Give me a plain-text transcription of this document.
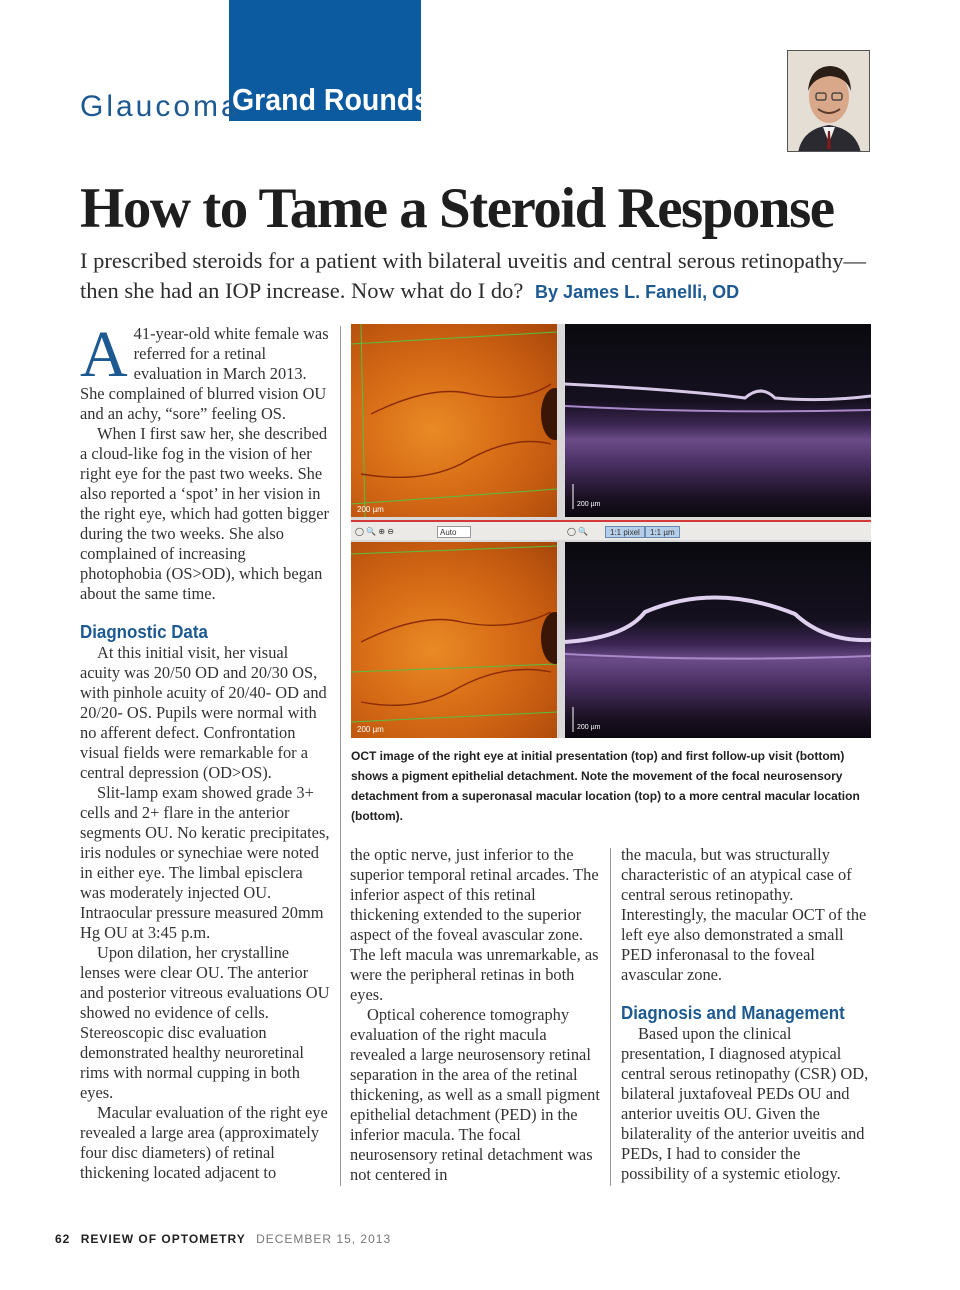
Glaucoma
Grand Rounds
How to Tame a Steroid Response
I prescribed steroids for a patient with bilateral uveitis and central serous retinopathy—then she had an IOP increase. Now what do I do? By James L. Fanelli, OD

A 41-year-old white female was referred for a retinal evaluation in March 2013. She complained of blurred vision OU and an achy, “sore” feeling OS.

When I first saw her, she described a cloud-like fog in the vision of her right eye for the past two weeks. She also reported a ‘spot’ in her vision in the right eye, which had gotten bigger during the two weeks. She also complained of increasing photophobia (OS>OD), which began about the same time.

Diagnostic Data

At this initial visit, her visual acuity was 20/50 OD and 20/30 OS, with pinhole acuity of 20/40- OD and 20/20- OS. Pupils were normal with no afferent defect. Confrontation visual fields were remarkable for a central depression (OD>OS).

Slit-lamp exam showed grade 3+ cells and 2+ flare in the anterior segments OU. No keratic precipitates, iris nodules or synechiae were noted in either eye. The limbal episclera was moderately injected OU. Intraocular pressure measured 20mm Hg OU at 3:45 p.m.

Upon dilation, her crystalline lenses were clear OU. The anterior and posterior vitreous evaluations OU showed no evidence of cells. Stereoscopic disc evaluation demonstrated healthy neuroretinal rims with normal cupping in both eyes.

Macular evaluation of the right eye revealed a large area (approximately four disc diameters) of retinal thickening located adjacent to

200 µm
200 µm
◯ 🔍 ⊕ ⊖	Auto	◯ 🔍	1:1 pixel	1:1 µm
200 µm	200 µm
OCT image of the right eye at initial presentation (top) and first follow-up visit (bottom) shows a pigment epithelial detachment. Note the movement of the focal neurosensory detachment from a superonasal macular location (top) to a more central macular location (bottom).

the optic nerve, just inferior to the superior temporal retinal arcades. The inferior aspect of this retinal thickening extended to the superior aspect of the foveal avascular zone. The left macula was unremarkable, as were the peripheral retinas in both eyes.

Optical coherence tomography evaluation of the right macula revealed a large neurosensory retinal separation in the area of the retinal thickening, as well as a small pigment epithelial detachment (PED) in the inferior macula. The focal neurosensory retinal detachment was not centered in

the macula, but was structurally characteristic of an atypical case of central serous retinopathy. Interestingly, the macular OCT of the left eye also demonstrated a small PED inferonasal to the foveal avascular zone.

Diagnosis and Management

Based upon the clinical presentation, I diagnosed atypical central serous retinopathy (CSR) OD, bilateral juxtafoveal PEDs OU and anterior uveitis OU. Given the bilaterality of the anterior uveitis and PEDs, I had to consider the possibility of a systemic etiology.

62 REVIEW OF OPTOMETRY DECEMBER 15, 2013
